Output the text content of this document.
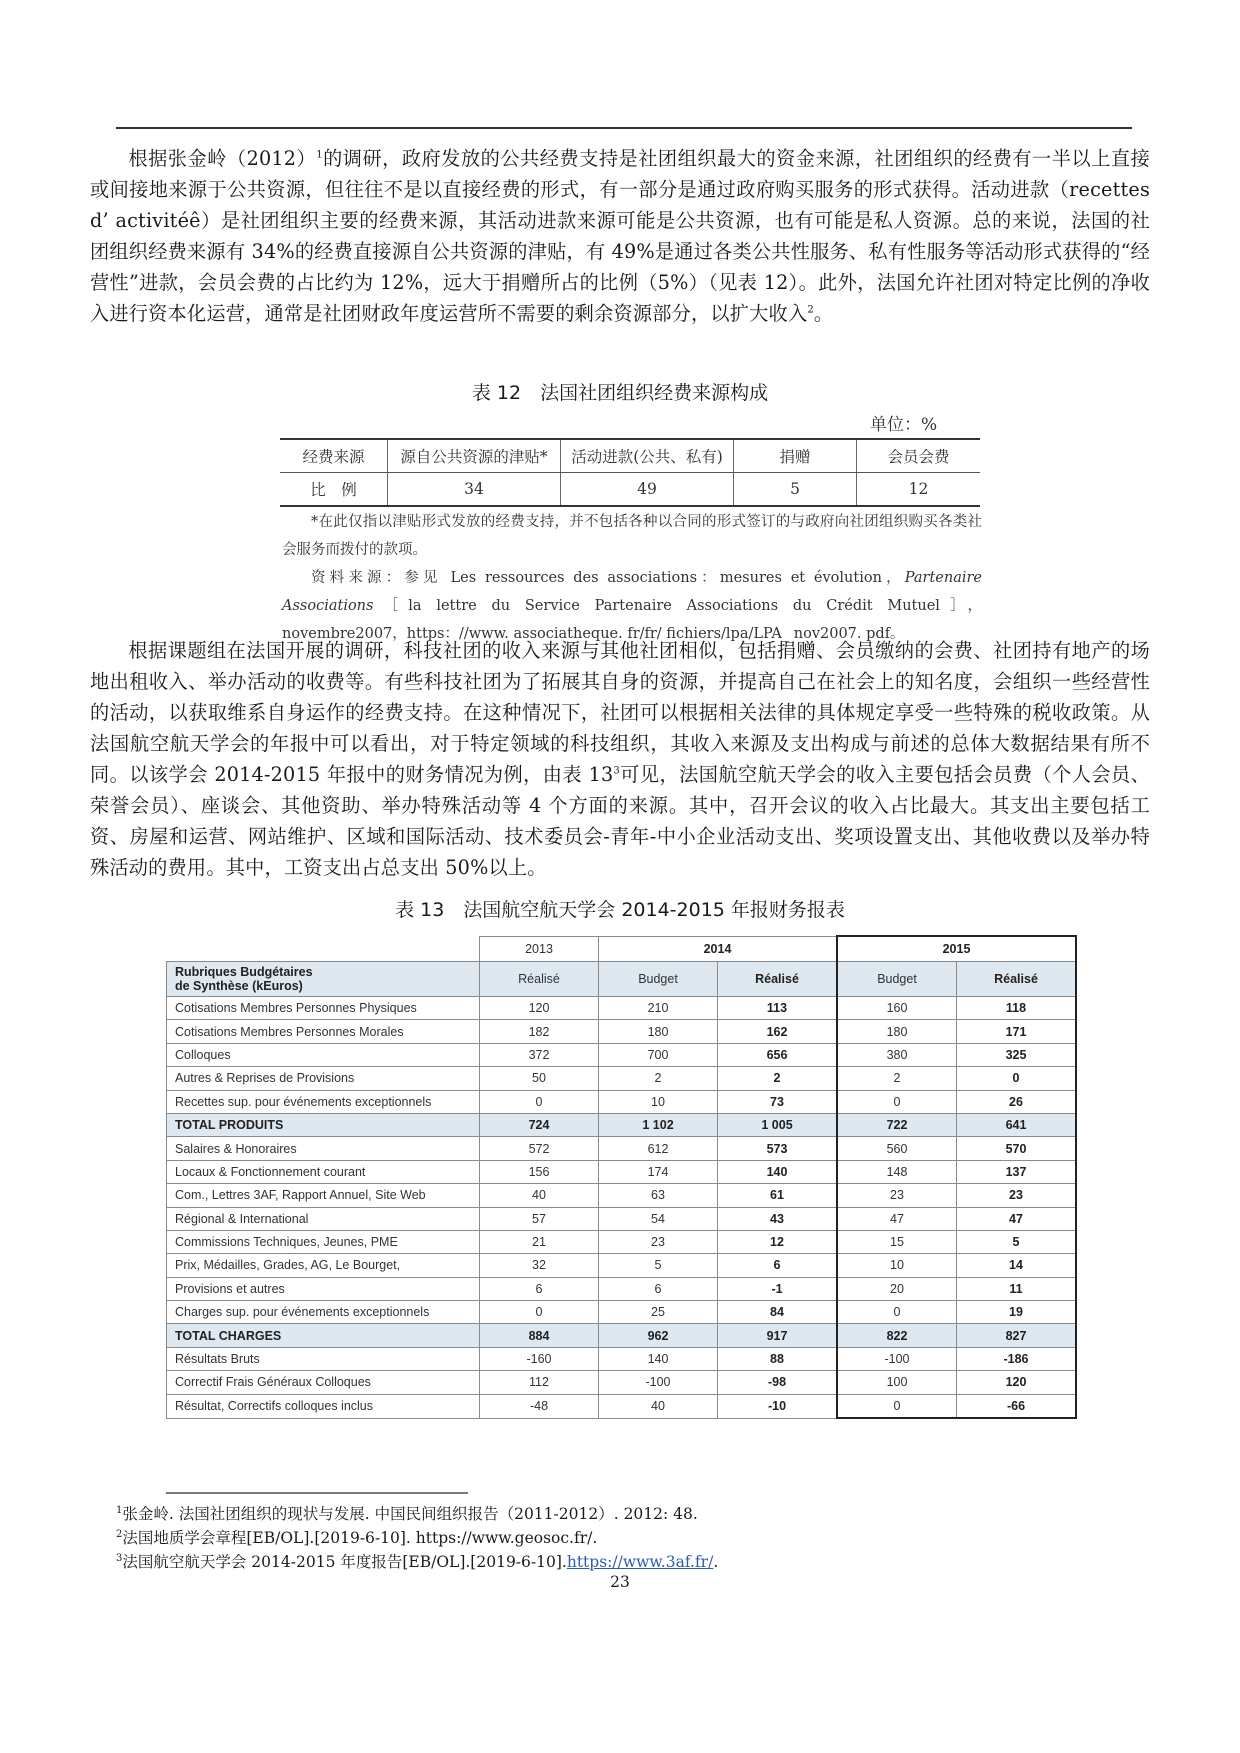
根据张金岭$(2012)^1$的调研，政府发放的公共经费支持是社团组织最大的资金来源，社团组织的经费有一半以上直接或间接地来源于公共资源，但往往不是以直接经费的形式，有一部分是通过政府购买服务的形式获得。活动进款（recettes d’ activitéê）是社团组织主要的经费来源，其活动进款来源可能是公共资源，也有可能是私人资源。总的来说，法国的社团组织经费来源有 34%的经费直接源自公共资源的津贴，有 49%是通过各类公共性服务、私有性服务等活动形式获得的“经营性”进款，会员会费的占比约为 12%，远大于捐赠所占的比例（5%）（见表 12）。此外，法国允许社团对特定比例的净收入进行资本化运营，通常是社团财政年度运营所不需要的剩余资源部分，以扩大收入$^2$。

表 12　法国社团组织经费来源构成
单位：%
经费来源	源自公共资源的津贴*	活动进款(公共、私有)	捐赠	会员会费
比　例	34	49	5	12

*在此仅指以津贴形式发放的经费支持，并不包括各种以合同的形式签订的与政府向社团组织购买各类社会服务而拨付的款项。

资料来源：参见 Les ressources des associations：mesures et évolution，Partenaire Associations［la lettre du Service Partenaire Associations du Crédit Mutuel］，novembre2007，https：//www. associatheque. fr/fr/ fichiers/lpa/LPA_ nov2007. pdf。

根据课题组在法国开展的调研，科技社团的收入来源与其他社团相似，包括捐赠、会员缴纳的会费、社团持有地产的场地出租收入、举办活动的收费等。有些科技社团为了拓展其自身的资源，并提高自己在社会上的知名度，会组织一些经营性的活动，以获取维系自身运作的经费支持。在这种情况下，社团可以根据相关法律的具体规定享受一些特殊的税收政策。从法国航空航天学会的年报中可以看出，对于特定领域的科技组织，其收入来源及支出构成与前述的总体大数据结果有所不同。以该学会 2014-2015 年报中的财务情况为例，由表 $13^3$可见，法国航空航天学会的收入主要包括会员费（个人会员、荣誉会员）、座谈会、其他资助、举办特殊活动等 4 个方面的来源。其中，召开会议的收入占比最大。其支出主要包括工资、房屋和运营、网站维护、区域和国际活动、技术委员会-青年-中小企业活动支出、奖项设置支出、其他收费以及举办特殊活动的费用。其中，工资支出占总支出 50%以上。

表 13　法国航空航天学会 2014-2015 年报财务报表
	2013	2014		2015	
Rubriques Budgétaires
de Synthèse (kEuros)	Réalisé	Budget	Réalisé	Budget	Réalisé
Cotisations Membres Personnes Physiques	120	210	113	160	118
Cotisations Membres Personnes Morales	182	180	162	180	171
Colloques	372	700	656	380	325
Autres & Reprises de Provisions	50	2	2	2	0
Recettes sup. pour événements exceptionnels	0	10	73	0	26
TOTAL PRODUITS	724	1 102	1 005	722	641
Salaires & Honoraires	572	612	573	560	570
Locaux & Fonctionnement courant	156	174	140	148	137
Com., Lettres 3AF, Rapport Annuel, Site Web	40	63	61	23	23
Régional & International	57	54	43	47	47
Commissions Techniques, Jeunes, PME	21	23	12	15	5
Prix, Médailles, Grades, AG, Le Bourget,	32	5	6	10	14
Provisions et autres	6	6	-1	20	11
Charges sup. pour événements exceptionnels	0	25	84	0	19
TOTAL CHARGES	884	962	917	822	827
Résultats Bruts	-160	140	88	-100	-186
Correctif Frais Généraux Colloques	112	-100	-98	100	120
Résultat, Correctifs colloques inclus	-48	40	-10	0	-66
$^1$张金岭. 法国社团组织的现状与发展. 中国民间组织报告（2011-2012）. 2012: 48.
$^2$法国地质学会章程[EB/OL].[2019-6-10]. https://www.geosoc.fr/.
$^3$法国航空航天学会 2014-2015 年度报告[EB/OL].[2019-6-10].https://www.3af.fr/.
23
